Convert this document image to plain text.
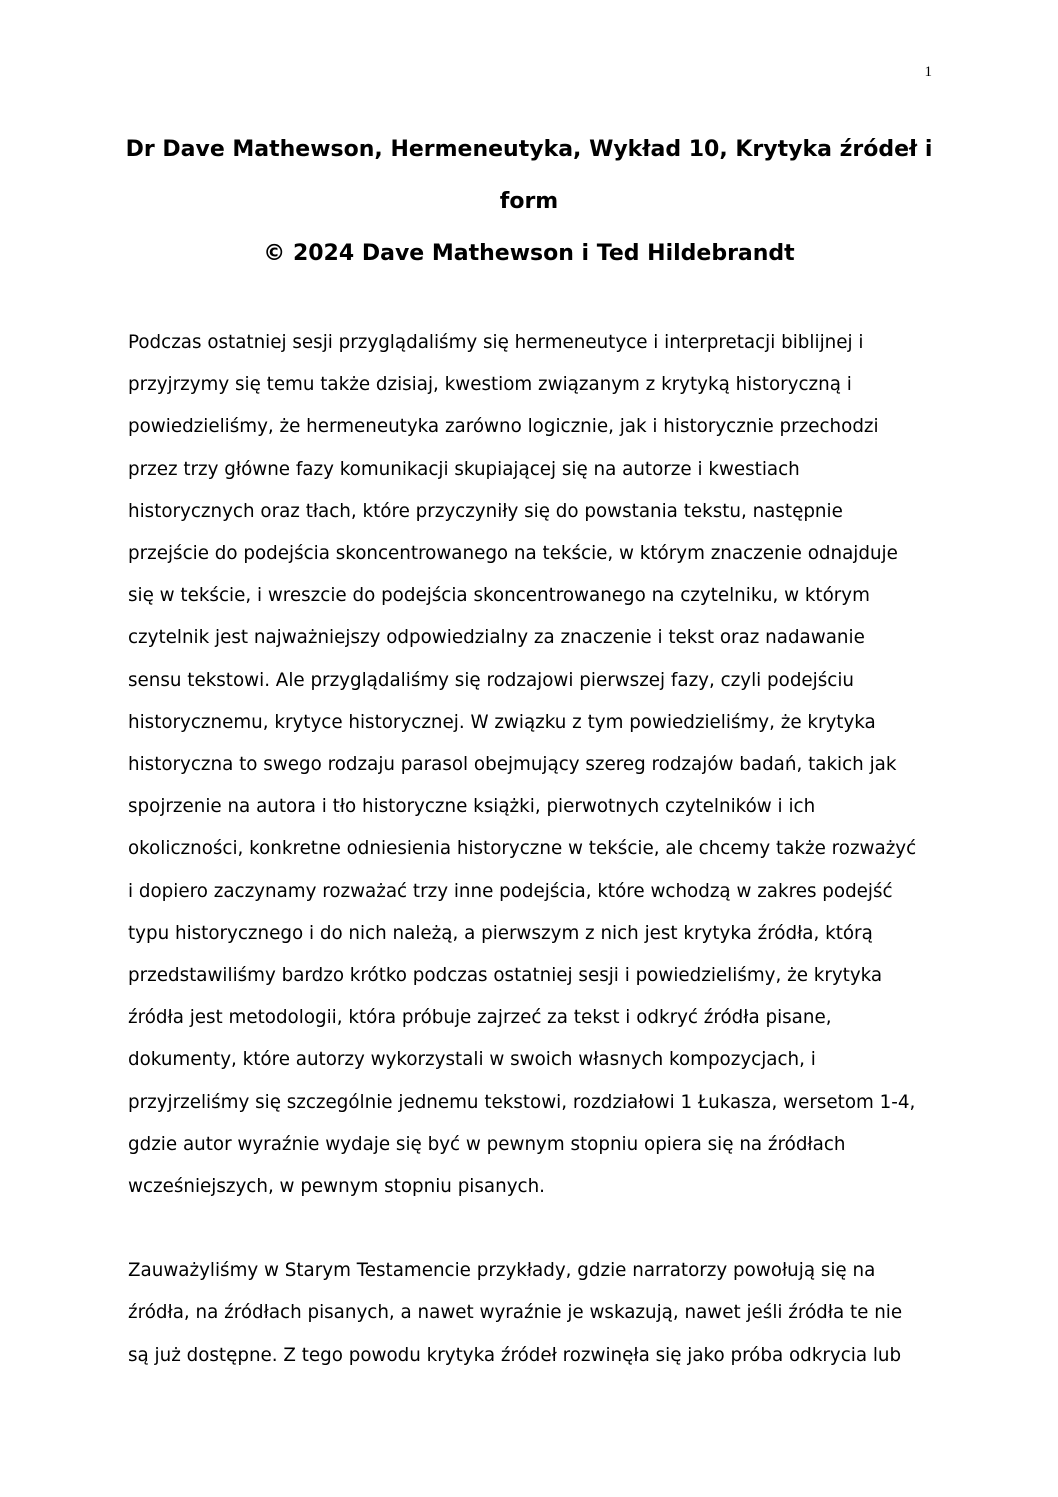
1
Dr Dave Mathewson, Hermeneutyka, Wykład 10, Krytyka źródeł i
form
© 2024 Dave Mathewson i Ted Hildebrandt
Podczas ostatniej sesji przyglądaliśmy się hermeneutyce i interpretacji biblijnej i
przyjrzymy się temu także dzisiaj, kwestiom związanym z krytyką historyczną i
powiedzieliśmy, że hermeneutyka zarówno logicznie, jak i historycznie przechodzi
przez trzy główne fazy komunikacji skupiającej się na autorze i kwestiach
historycznych oraz tłach, które przyczyniły się do powstania tekstu, następnie
przejście do podejścia skoncentrowanego na tekście, w którym znaczenie odnajduje
się w tekście, i wreszcie do podejścia skoncentrowanego na czytelniku, w którym
czytelnik jest najważniejszy odpowiedzialny za znaczenie i tekst oraz nadawanie
sensu tekstowi. Ale przyglądaliśmy się rodzajowi pierwszej fazy, czyli podejściu
historycznemu, krytyce historycznej. W związku z tym powiedzieliśmy, że krytyka
historyczna to swego rodzaju parasol obejmujący szereg rodzajów badań, takich jak
spojrzenie na autora i tło historyczne książki, pierwotnych czytelników i ich
okoliczności, konkretne odniesienia historyczne w tekście, ale chcemy także rozważyć
i dopiero zaczynamy rozważać trzy inne podejścia, które wchodzą w zakres podejść
typu historycznego i do nich należą, a pierwszym z nich jest krytyka źródła, którą
przedstawiliśmy bardzo krótko podczas ostatniej sesji i powiedzieliśmy, że krytyka
źródła jest metodologii, która próbuje zajrzeć za tekst i odkryć źródła pisane,
dokumenty, które autorzy wykorzystali w swoich własnych kompozycjach, i
przyjrzeliśmy się szczególnie jednemu tekstowi, rozdziałowi 1 Łukasza, wersetom 1-4,
gdzie autor wyraźnie wydaje się być w pewnym stopniu opiera się na źródłach
wcześniejszych, w pewnym stopniu pisanych.
Zauważyliśmy w Starym Testamencie przykłady, gdzie narratorzy powołują się na
źródła, na źródłach pisanych, a nawet wyraźnie je wskazują, nawet jeśli źródła te nie
są już dostępne. Z tego powodu krytyka źródeł rozwinęła się jako próba odkrycia lub
